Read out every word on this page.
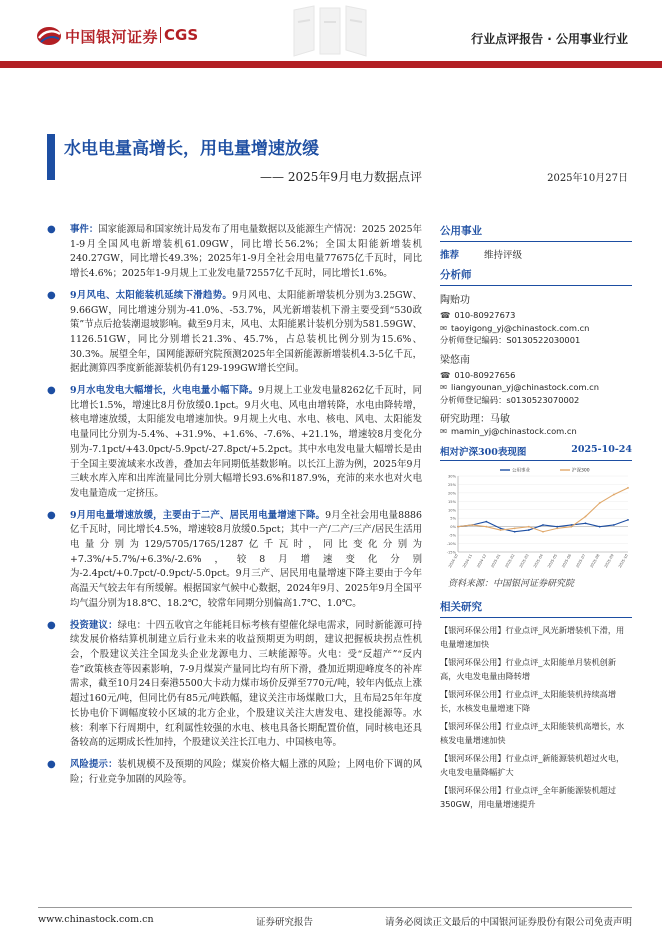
中国银河证券 CGS	行业点评报告 · 公用事业行业
水电电量高增长，用电量增速放缓
—— 2025年9月电力数据点评	2025年10月27日
● 事件：国家能源局和国家统计局发布了用电量数据以及能源生产情况：2025 2025年1-9月全国风电新增装机61.09GW，同比增长56.2%；全国太阳能新增装机240.27GW，同比增长49.3%；2025年1-9月全社会用电量77675亿千瓦时，同比增长4.6%；2025年1-9月规上工业发电量72557亿千瓦时，同比增长1.6%。
● 9月风电、太阳能装机延续下滑趋势。9月风电、太阳能新增装机分别为3.25GW、9.66GW，同比增速分别为-41.0%、-53.7%，风光新增装机下滑主要受到“530政策”节点后抢装潮退坡影响。截至9月末，风电、太阳能累计装机分别为581.59GW、1126.51GW，同比分别增长21.3%、45.7%，占总装机比例分别为15.6%、30.3%。展望全年，国网能源研究院预测2025年全国新能源新增装机4.3-5亿千瓦，据此测算四季度新能源装机仍有129-199GW增长空间。
● 9月水电发电大幅增长，火电电量小幅下降。9月规上工业发电量8262亿千瓦时，同比增长1.5%，增速比8月份放缓0.1pct。9月火电、风电由增转降，水电由降转增，核电增速放缓，太阳能发电增速加快。9月规上火电、水电、核电、风电、太阳能发电量同比分别为-5.4%、+31.9%、+1.6%、-7.6%、+21.1%，增速较8月变化分别为-7.1pct/+43.0pct/-5.9pct/-27.8pct/+5.2pct。其中水电发电量大幅增长是由于全国主要流域来水改善，叠加去年同期低基数影响。以长江上游为例，2025年9月三峡水库入库和出库流量同比分别大幅增长93.6%和187.9%，充沛的来水也对火电发电量造成一定挤压。
● 9月用电量增速放缓，主要由于二产、居民用电量增速下降。9月全社会用电量8886亿千瓦时，同比增长4.5%，增速较8月放缓0.5pct；其中一产/二产/三产/居民生活用电量分别为129/5705/1765/1287亿千瓦时，同比变化分别为+7.3%/+5.7%/+6.3%/-2.6%，较8月增速变化分别为-2.4pct/+0.7pct/-0.9pct/-5.0pct。9月三产、居民用电量增速下降主要由于今年高温天气较去年有所缓解。根据国家气候中心数据，2024年9月、2025年9月全国平均气温分别为18.8℃、18.2℃，较常年同期分别偏高1.7℃、1.0℃。
● 投资建议：绿电：十四五收官之年能耗目标考核有望催化绿电需求，同时新能源可持续发展价格结算机制建立后行业未来的收益预期更为明朗，建议把握板块拐点性机会，个股建议关注全国龙头企业龙源电力、三峡能源等。火电：受“反超产”“反内卷”政策核查等因素影响，7-9月煤炭产量同比均有所下滑，叠加近期迎峰度冬的补库需求，截至10月24日秦港5500大卡动力煤市场价反弹至770元/吨，较年内低点上涨超过160元/吨，但同比仍有85元/吨跌幅，建议关注市场煤敞口大，且布局25年年度长协电价下调幅度较小区域的北方企业，个股建议关注大唐发电、建投能源等。水核：利率下行周期中，红利属性较强的水电、核电具备长期配置价值，同时核电还具备较高的远期成长性加持，个股建议关注长江电力、中国核电等。
● 风险提示：装机规模不及预期的风险；煤炭价格大幅上涨的风险；上网电价下调的风险；行业竞争加剧的风险等。
公用事业
推荐	维持评级
分析师
陶贻功
☎ 010-80927673
✉ taoyigong_yj@chinastock.com.cn
分析师登记编码：S0130522030001
梁悠南
☎ 010-80927656
✉ liangyounan_yj@chinastock.com.cn
分析师登记编码：s0130523070002
研究助理：马敏
✉ mamin_yj@chinastock.com.cn
相对沪深300表现图	2025-10-24
-15%
-10%
-5%
0%
5%
10%
15%
20%
25%
30%
2024-10 2024-11 2024-12 2025-01 2025-02 2025-03 2025-04 2025-05 2025-06 2025-07 2025-08 2025-09 2025-10
公用事业	沪深300
资料来源：中国银河证券研究院
相关研究
【银河环保公用】行业点评_风光新增装机下滑，用电量增速加快
【银河环保公用】行业点评_太阳能单月装机创新高，火电发电量由降转增
【银河环保公用】行业点评_太阳能装机持续高增长，水核发电量增速下降
【银河环保公用】行业点评_太阳能装机高增长，水核发电量增速加快
【银河环保公用】行业点评_新能源装机超过火电，火电发电量降幅扩大
【银河环保公用】行业点评_全年新能源装机超过350GW，用电量增速提升
www.chinastock.com.cn	证券研究报告	请务必阅读正文最后的中国银河证券股份有限公司免责声明
